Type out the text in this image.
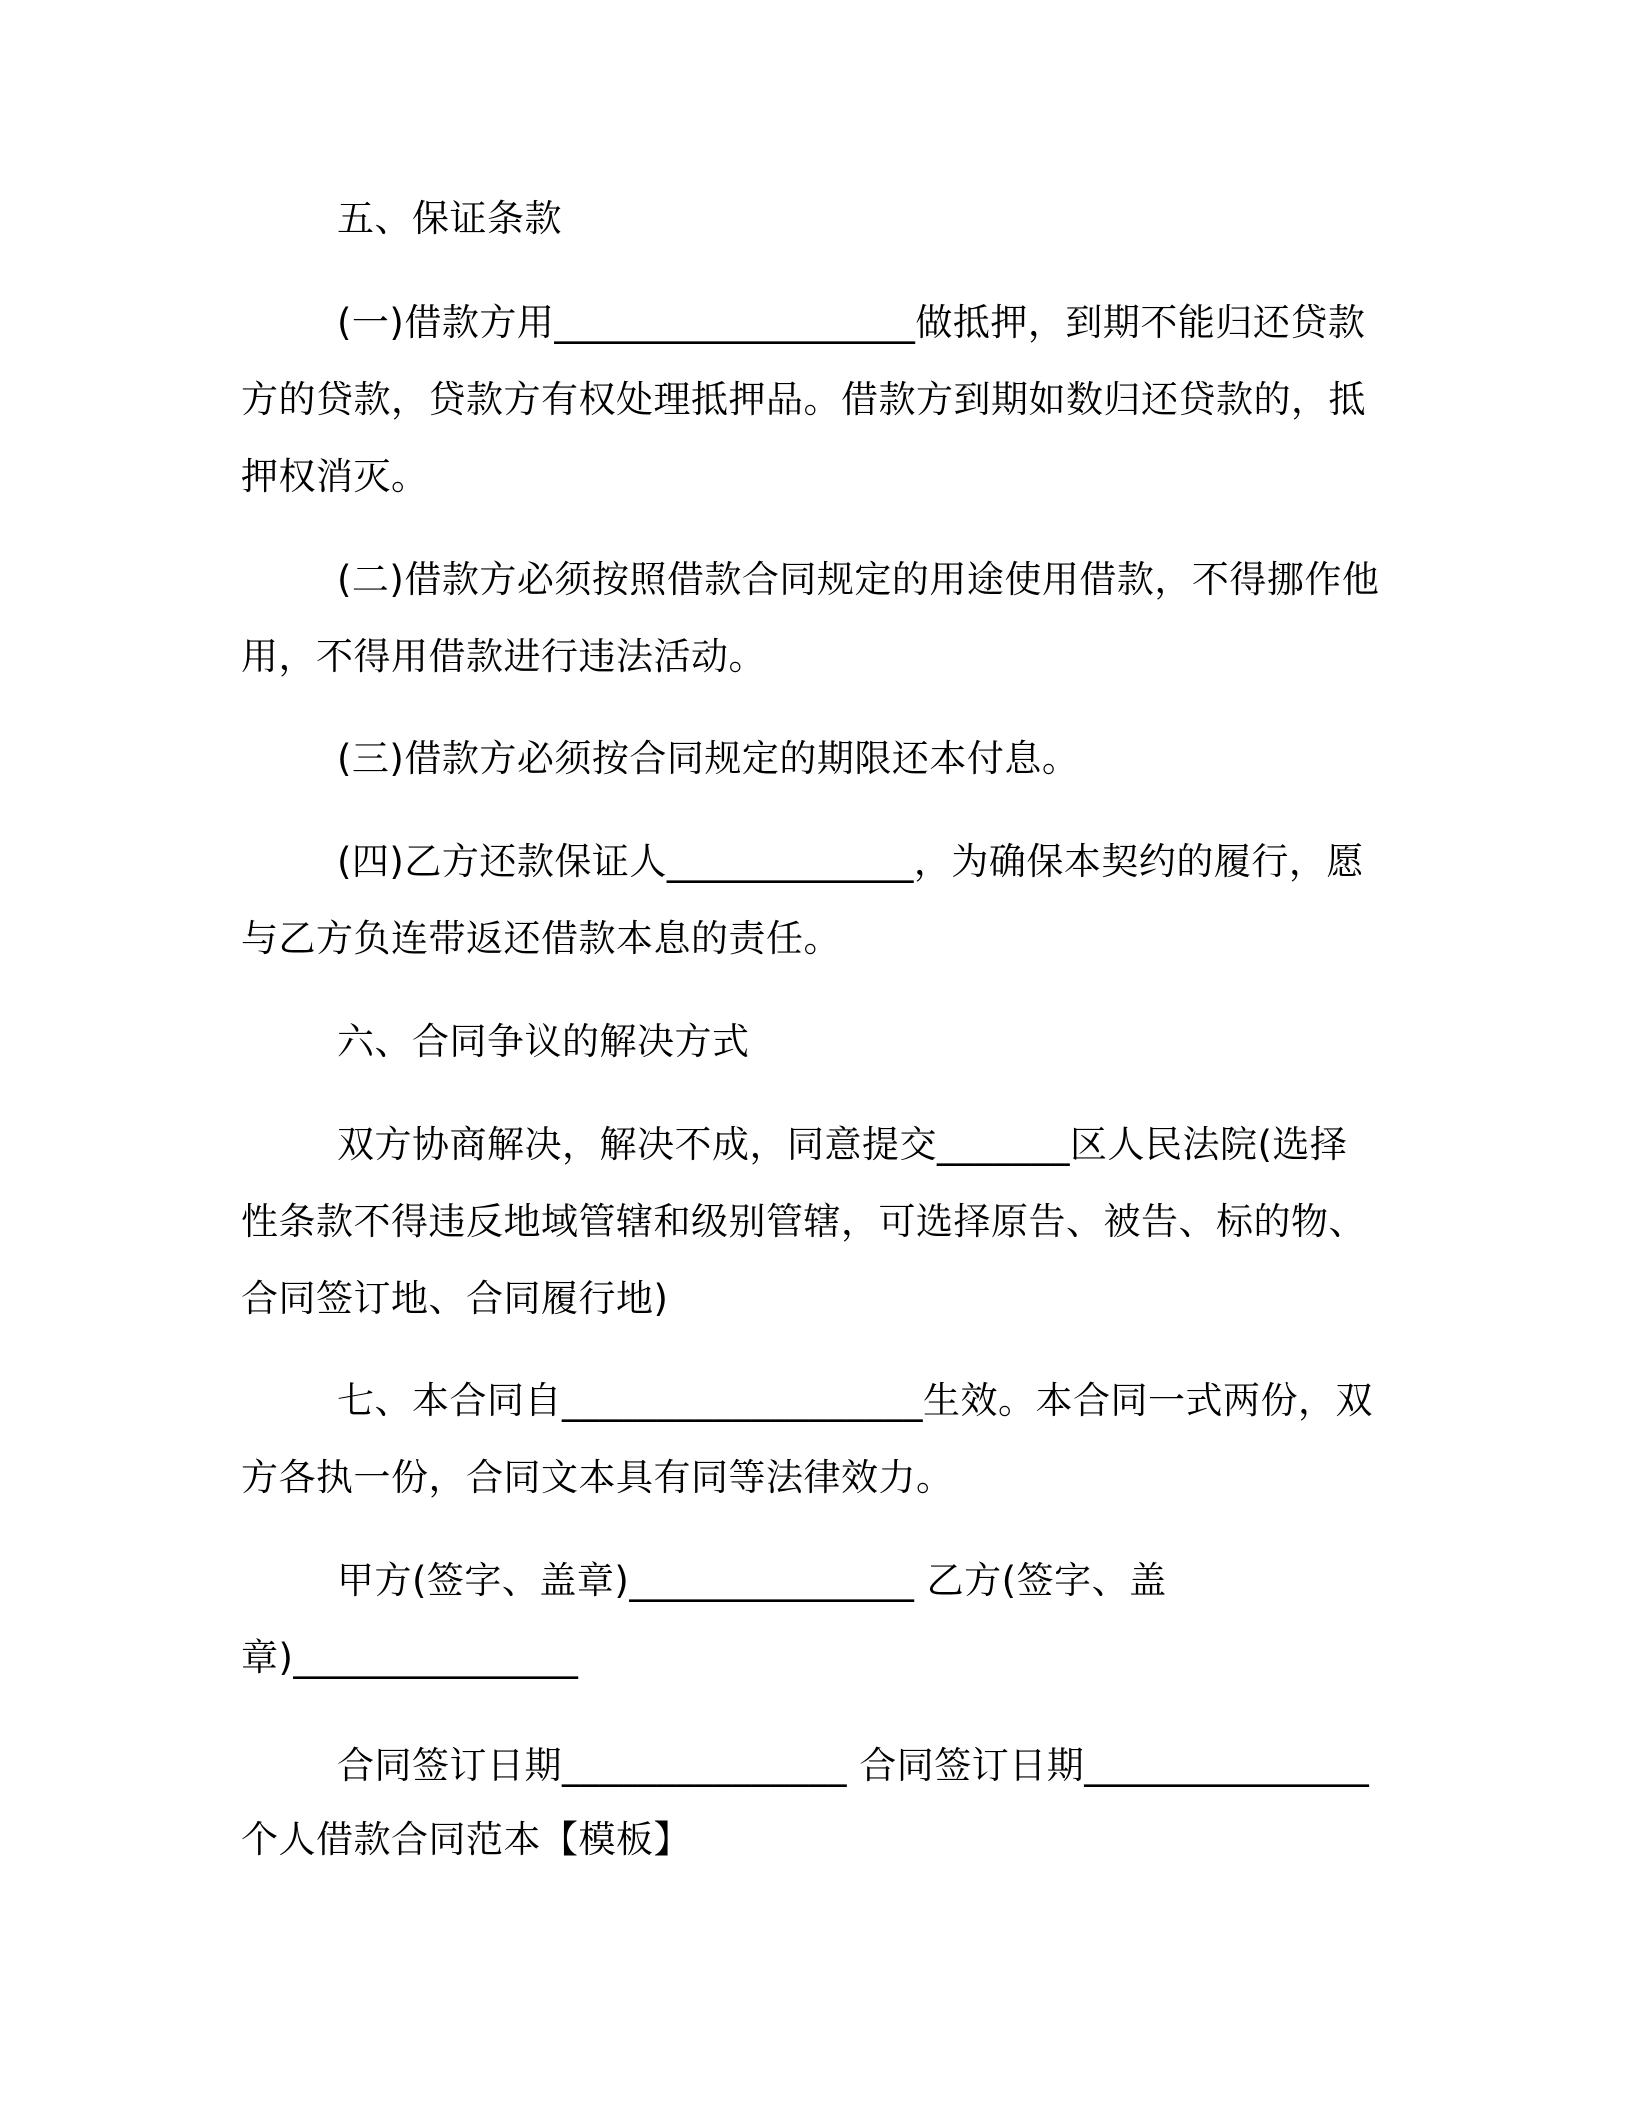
五、保证条款
(一)借款方用___________________做抵押，到期不能归还贷款
方的贷款，贷款方有权处理抵押品。借款方到期如数归还贷款的，抵
押权消灭。
(二)借款方必须按照借款合同规定的用途使用借款，不得挪作他
用，不得用借款进行违法活动。
(三)借款方必须按合同规定的期限还本付息。
(四)乙方还款保证人_____________，为确保本契约的履行，愿
与乙方负连带返还借款本息的责任。
六、合同争议的解决方式
双方协商解决，解决不成，同意提交_______区人民法院(选择
性条款不得违反地域管辖和级别管辖，可选择原告、被告、标的物、
合同签订地、合同履行地)
七、本合同自___________________生效。本合同一式两份，双
方各执一份，合同文本具有同等法律效力。
甲方(签字、盖章)_______________ 乙方(签字、盖
章)_______________
合同签订日期_______________ 合同签订日期_______________
个人借款合同范本【模板】
